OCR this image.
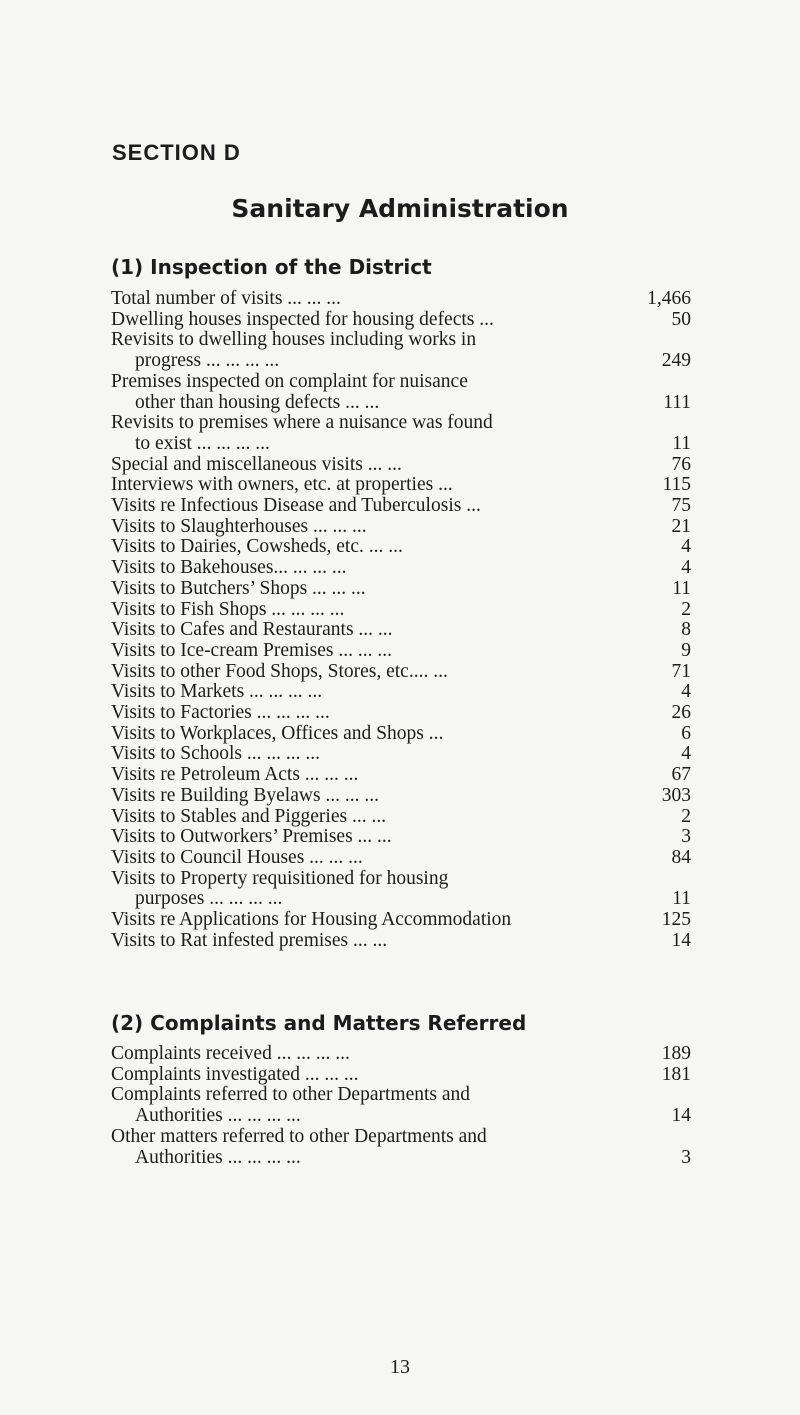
SECTION D
Sanitary Administration
(1) Inspection of the District
Total number of visits ... ... ...	1,466
Dwelling houses inspected for housing defects ...	50
Revisits to dwelling houses including works in
progress ... ... ... ...	249
Premises inspected on complaint for nuisance
other than housing defects ... ...	111
Revisits to premises where a nuisance was found
to exist ... ... ... ...	11
Special and miscellaneous visits ... ...	76
Interviews with owners, etc. at properties ...	115
Visits re Infectious Disease and Tuberculosis ...	75
Visits to Slaughterhouses ... ... ...	21
Visits to Dairies, Cowsheds, etc. ... ...	4
Visits to Bakehouses... ... ... ...	4
Visits to Butchers’ Shops ... ... ...	11
Visits to Fish Shops ... ... ... ...	2
Visits to Cafes and Restaurants ... ...	8
Visits to Ice-cream Premises ... ... ...	9
Visits to other Food Shops, Stores, etc.... ...	71
Visits to Markets ... ... ... ...	4
Visits to Factories ... ... ... ...	26
Visits to Workplaces, Offices and Shops ...	6
Visits to Schools ... ... ... ...	4
Visits re Petroleum Acts ... ... ...	67
Visits re Building Byelaws ... ... ...	303
Visits to Stables and Piggeries ... ...	2
Visits to Outworkers’ Premises ... ...	3
Visits to Council Houses ... ... ...	84
Visits to Property requisitioned for housing
purposes ... ... ... ...	11
Visits re Applications for Housing Accommodation	125
Visits to Rat infested premises ... ...	14
(2) Complaints and Matters Referred
Complaints received ... ... ... ...	189
Complaints investigated ... ... ...	181
Complaints referred to other Departments and
Authorities ... ... ... ...	14
Other matters referred to other Departments and
Authorities ... ... ... ...	3
13
